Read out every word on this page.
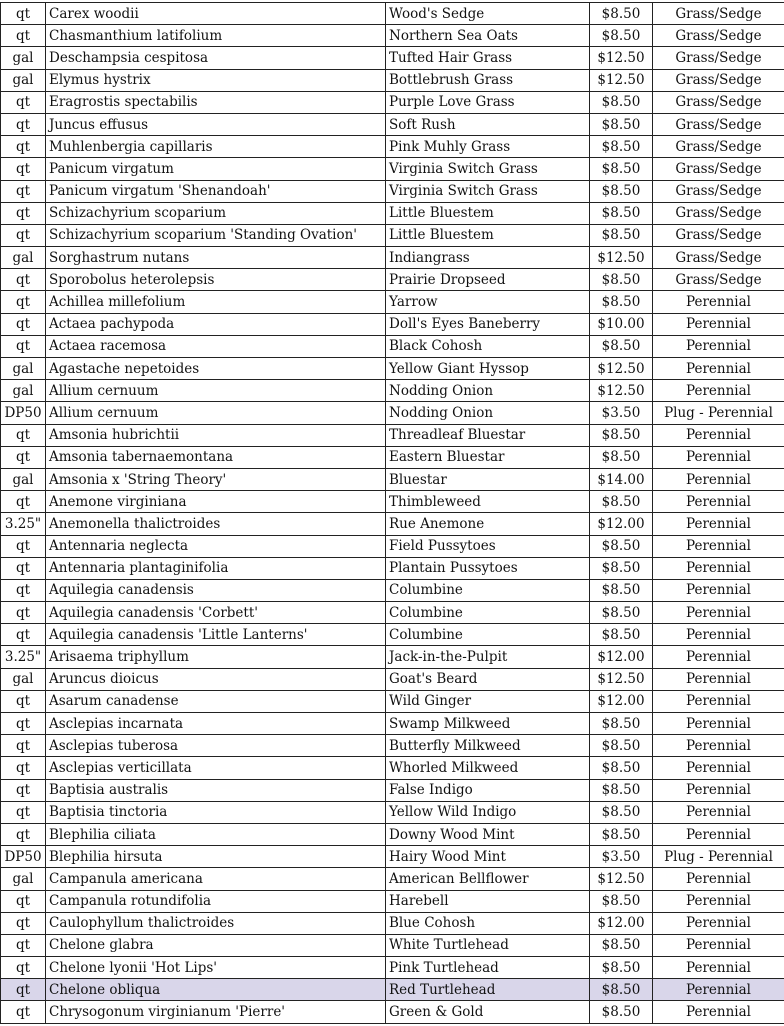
qt	Carex woodii	Wood's Sedge	$8.50	Grass/Sedge
qt	Chasmanthium latifolium	Northern Sea Oats	$8.50	Grass/Sedge
gal	Deschampsia cespitosa	Tufted Hair Grass	$12.50	Grass/Sedge
gal	Elymus hystrix	Bottlebrush Grass	$12.50	Grass/Sedge
qt	Eragrostis spectabilis	Purple Love Grass	$8.50	Grass/Sedge
qt	Juncus effusus	Soft Rush	$8.50	Grass/Sedge
qt	Muhlenbergia capillaris	Pink Muhly Grass	$8.50	Grass/Sedge
qt	Panicum virgatum	Virginia Switch Grass	$8.50	Grass/Sedge
qt	Panicum virgatum 'Shenandoah'	Virginia Switch Grass	$8.50	Grass/Sedge
qt	Schizachyrium scoparium	Little Bluestem	$8.50	Grass/Sedge
qt	Schizachyrium scoparium 'Standing Ovation'	Little Bluestem	$8.50	Grass/Sedge
gal	Sorghastrum nutans	Indiangrass	$12.50	Grass/Sedge
qt	Sporobolus heterolepsis	Prairie Dropseed	$8.50	Grass/Sedge
qt	Achillea millefolium	Yarrow	$8.50	Perennial
qt	Actaea pachypoda	Doll's Eyes Baneberry	$10.00	Perennial
qt	Actaea racemosa	Black Cohosh	$8.50	Perennial
gal	Agastache nepetoides	Yellow Giant Hyssop	$12.50	Perennial
gal	Allium cernuum	Nodding Onion	$12.50	Perennial
DP50	Allium cernuum	Nodding Onion	$3.50	Plug - Perennial
qt	Amsonia hubrichtii	Threadleaf Bluestar	$8.50	Perennial
qt	Amsonia tabernaemontana	Eastern Bluestar	$8.50	Perennial
gal	Amsonia x 'String Theory'	Bluestar	$14.00	Perennial
qt	Anemone virginiana	Thimbleweed	$8.50	Perennial
3.25"	Anemonella thalictroides	Rue Anemone	$12.00	Perennial
qt	Antennaria neglecta	Field Pussytoes	$8.50	Perennial
qt	Antennaria plantaginifolia	Plantain Pussytoes	$8.50	Perennial
qt	Aquilegia canadensis	Columbine	$8.50	Perennial
qt	Aquilegia canadensis 'Corbett'	Columbine	$8.50	Perennial
qt	Aquilegia canadensis 'Little Lanterns'	Columbine	$8.50	Perennial
3.25"	Arisaema triphyllum	Jack-in-the-Pulpit	$12.00	Perennial
gal	Aruncus dioicus	Goat's Beard	$12.50	Perennial
qt	Asarum canadense	Wild Ginger	$12.00	Perennial
qt	Asclepias incarnata	Swamp Milkweed	$8.50	Perennial
qt	Asclepias tuberosa	Butterfly Milkweed	$8.50	Perennial
qt	Asclepias verticillata	Whorled Milkweed	$8.50	Perennial
qt	Baptisia australis	False Indigo	$8.50	Perennial
qt	Baptisia tinctoria	Yellow Wild Indigo	$8.50	Perennial
qt	Blephilia ciliata	Downy Wood Mint	$8.50	Perennial
DP50	Blephilia hirsuta	Hairy Wood Mint	$3.50	Plug - Perennial
gal	Campanula americana	American Bellflower	$12.50	Perennial
qt	Campanula rotundifolia	Harebell	$8.50	Perennial
qt	Caulophyllum thalictroides	Blue Cohosh	$12.00	Perennial
qt	Chelone glabra	White Turtlehead	$8.50	Perennial
qt	Chelone lyonii 'Hot Lips'	Pink Turtlehead	$8.50	Perennial
qt	Chelone obliqua	Red Turtlehead	$8.50	Perennial
qt	Chrysogonum virginianum 'Pierre'	Green & Gold	$8.50	Perennial
